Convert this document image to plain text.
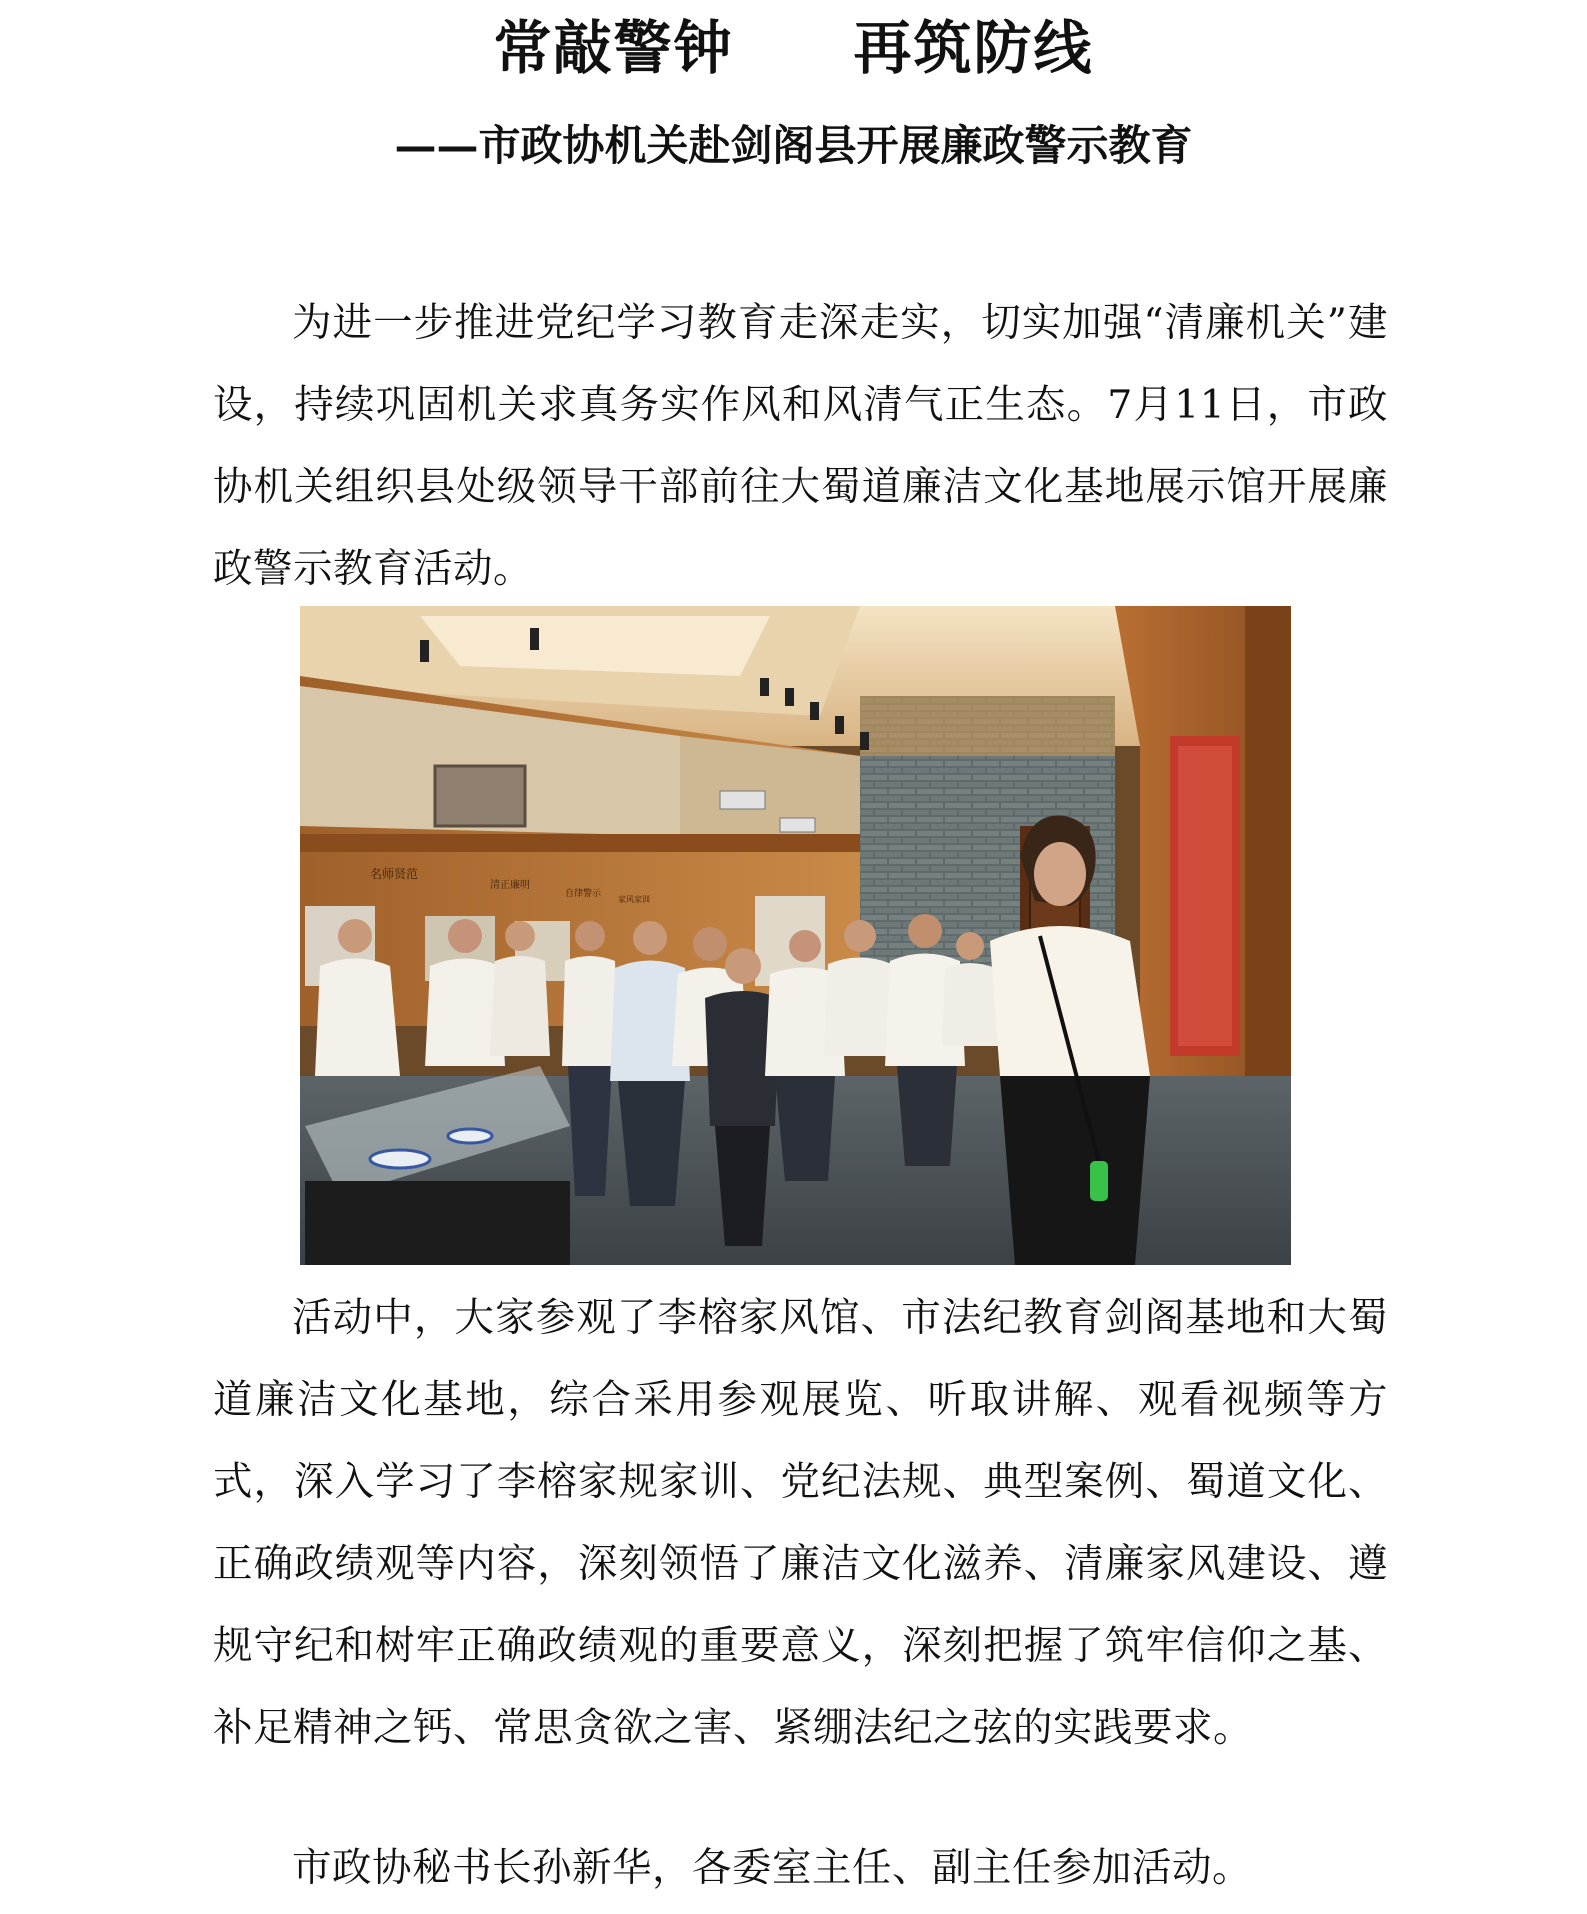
常敲警钟　　再筑防线
——市政协机关赴剑阁县开展廉政警示教育

为进一步推进党纪学习教育走深走实，切实加强“清廉机关”建设，持续巩固机关求真务实作风和风清气正生态。7月11日，市政协机关组织县处级领导干部前往大蜀道廉洁文化基地展示馆开展廉政警示教育活动。

名师贤范
清正廉明
自律警示
家风家训

活动中，大家参观了李榕家风馆、市法纪教育剑阁基地和大蜀道廉洁文化基地，综合采用参观展览、听取讲解、观看视频等方式，深入学习了李榕家规家训、党纪法规、典型案例、蜀道文化、正确政绩观等内容，深刻领悟了廉洁文化滋养、清廉家风建设、遵规守纪和树牢正确政绩观的重要意义，深刻把握了筑牢信仰之基、补足精神之钙、常思贪欲之害、紧绷法纪之弦的实践要求。

市政协秘书长孙新华，各委室主任、副主任参加活动。
